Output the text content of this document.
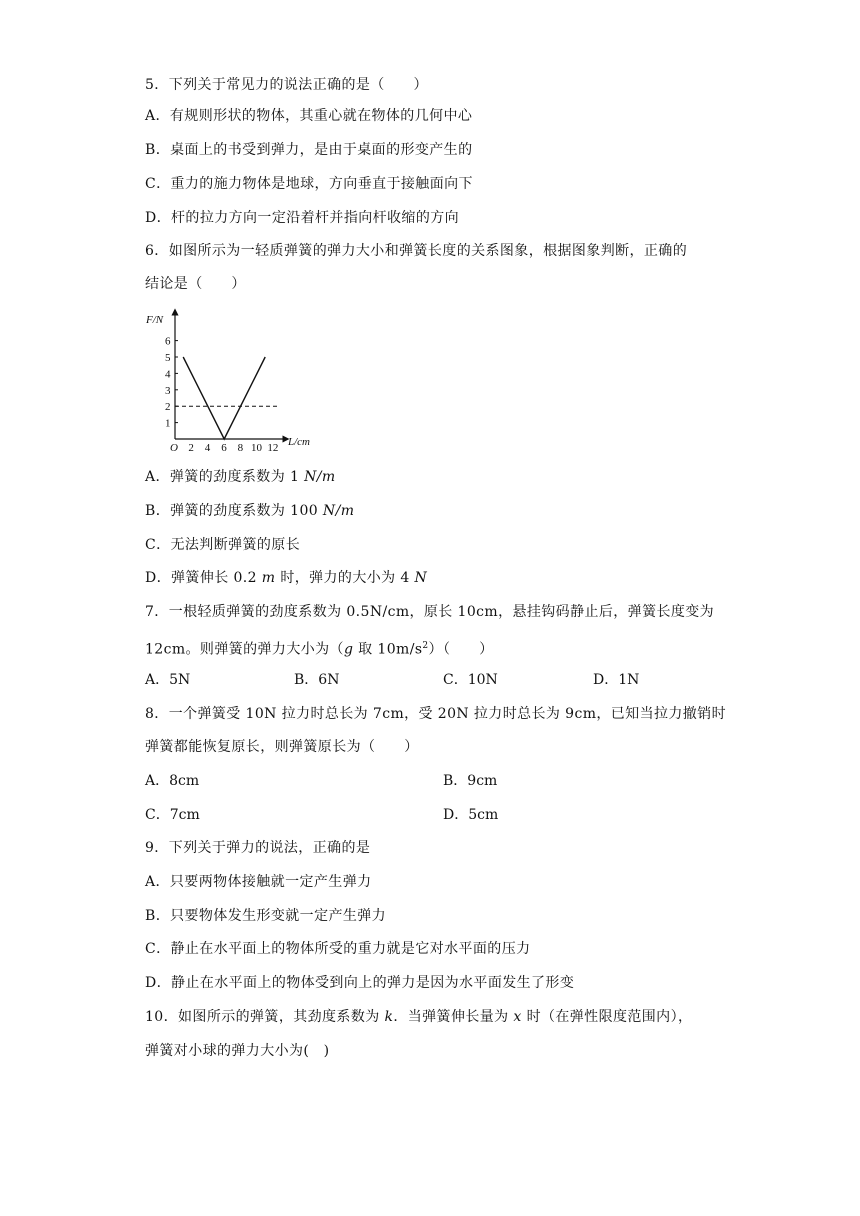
5．下列关于常见力的说法正确的是（　　）
A．有规则形状的物体，其重心就在物体的几何中心
B．桌面上的书受到弹力，是由于桌面的形变产生的
C．重力的施力物体是地球，方向垂直于接触面向下
D．杆的拉力方向一定沿着杆并指向杆收缩的方向
6．如图所示为一轻质弹簧的弹力大小和弹簧长度的关系图象，根据图象判断，正确的
结论是（　　）
1
2
3
4
5
6
2 4 6 8 10 12
F/N
L/cm
O
A．弹簧的劲度系数为 1 N/m
B．弹簧的劲度系数为 100 N/m
C．无法判断弹簧的原长
D．弹簧伸长 0.2 m 时，弹力的大小为 4 N
7．一根轻质弹簧的劲度系数为 0.5N/cm，原长 10cm，悬挂钩码静止后，弹簧长度变为
12cm。则弹簧的弹力大小为（g 取 $10m/s^2$）（　　）
A．5N	B．6N	C．10N	D．1N
8．一个弹簧受 10N 拉力时总长为 7cm，受 20N 拉力时总长为 9cm，已知当拉力撤销时
弹簧都能恢复原长，则弹簧原长为（　　）
A．8cm	B．9cm
C．7cm	D．5cm
9．下列关于弹力的说法，正确的是
A．只要两物体接触就一定产生弹力
B．只要物体发生形变就一定产生弹力
C．静止在水平面上的物体所受的重力就是它对水平面的压力
D．静止在水平面上的物体受到向上的弹力是因为水平面发生了形变
10．如图所示的弹簧，其劲度系数为 k．当弹簧伸长量为 x 时（在弹性限度范围内），
弹簧对小球的弹力大小为(　)
